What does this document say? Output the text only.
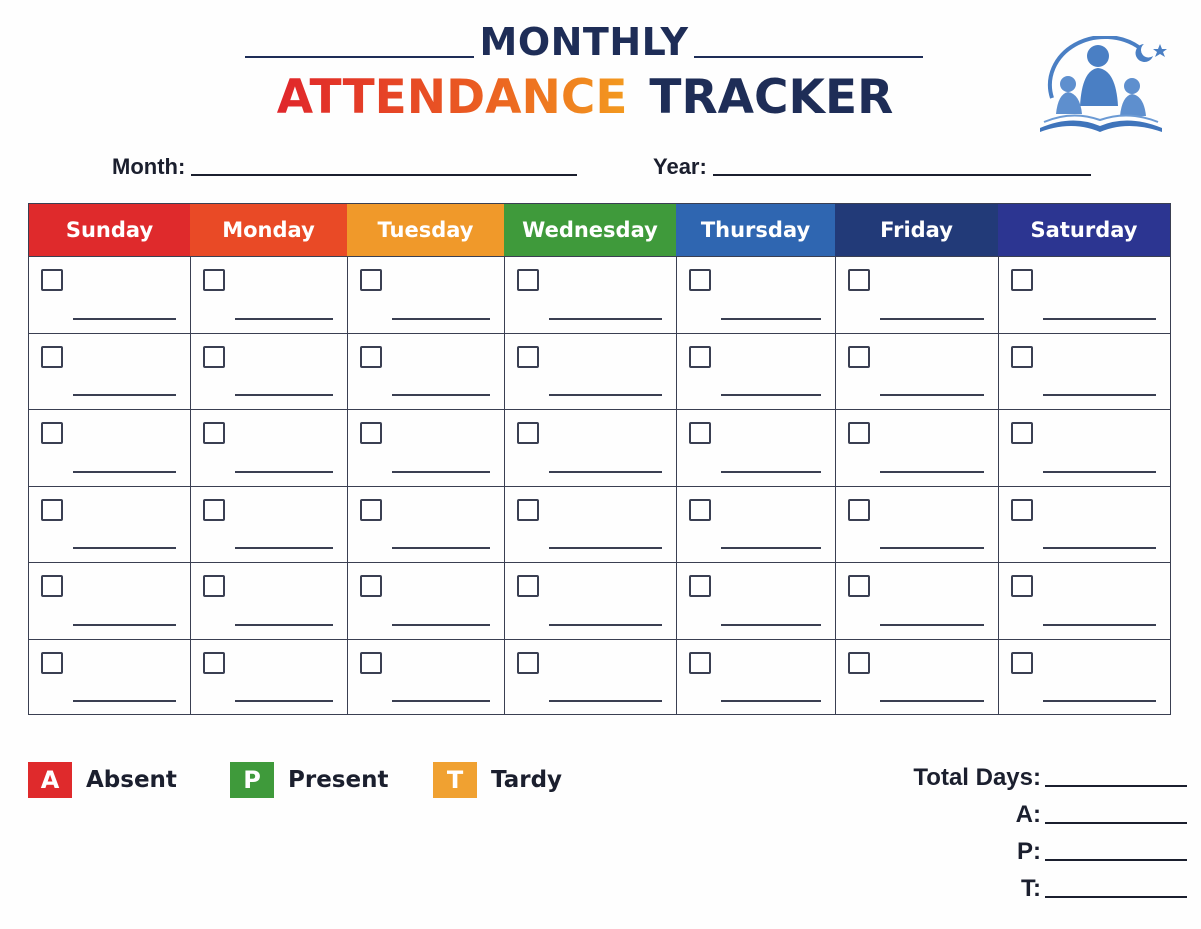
MONTHLY
ATTENDANCE TRACKER
Month:	Year:
Sunday	Monday	Tuesday	Wednesday	Thursday	Friday	Saturday
A	Absent	P	Present	T	Tardy	Total Days:
A:
P:
T:
